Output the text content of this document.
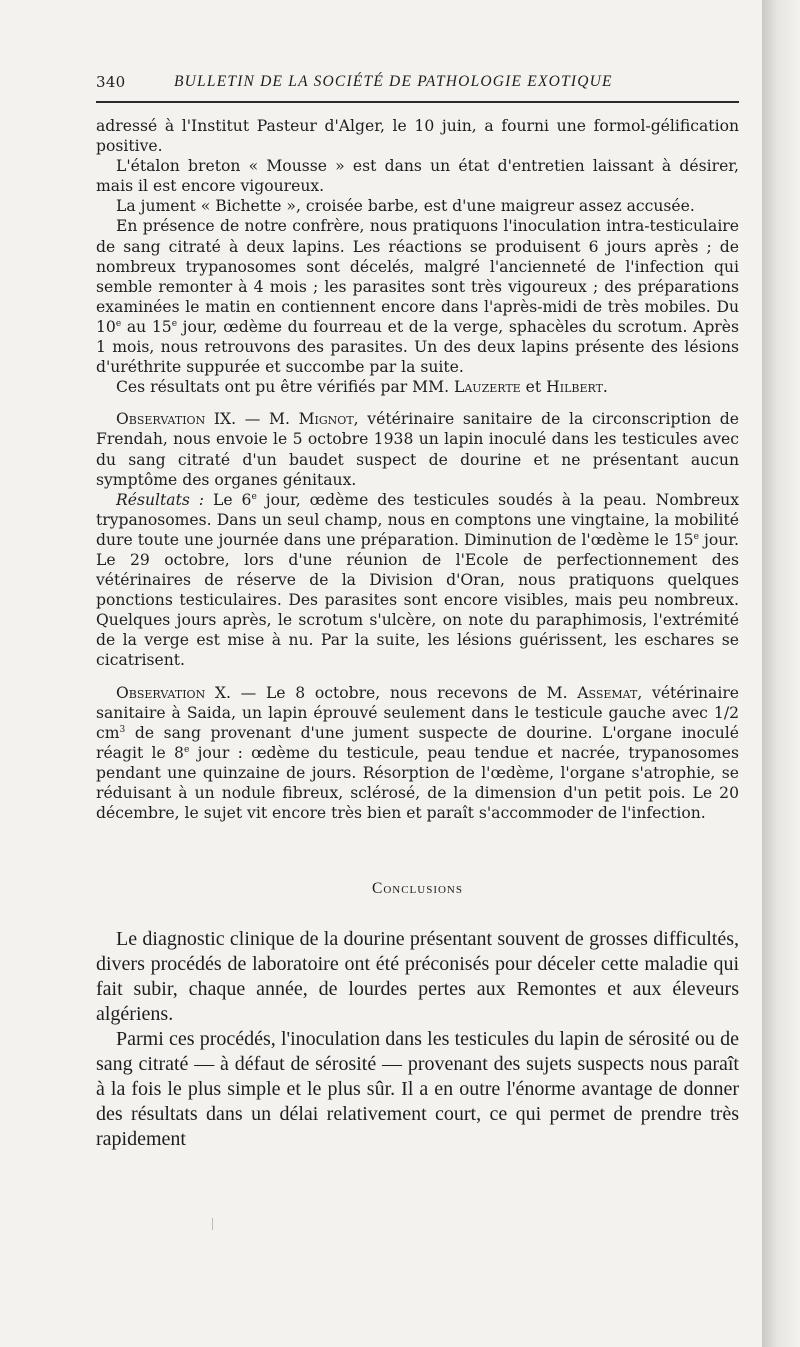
340	BULLETIN DE LA SOCIÉTÉ DE PATHOLOGIE EXOTIQUE

adressé à l'Institut Pasteur d'Alger, le 10 juin, a fourni une formol-gélification positive.

L'étalon breton « Mousse » est dans un état d'entretien laissant à désirer, mais il est encore vigoureux.

La jument « Bichette », croisée barbe, est d'une maigreur assez accusée.

En présence de notre confrère, nous pratiquons l'inoculation intra-testiculaire de sang citraté à deux lapins. Les réactions se produisent 6 jours après ; de nombreux trypanosomes sont décelés, malgré l'ancienneté de l'infection qui semble remonter à 4 mois ; les parasites sont très vigoureux ; des préparations examinées le matin en contiennent encore dans l'après-midi de très mobiles. Du 10e au 15e jour, œdème du fourreau et de la verge, sphacèles du scrotum. Après 1 mois, nous retrouvons des parasites. Un des deux lapins présente des lésions d'uréthrite suppurée et succombe par la suite.

Ces résultats ont pu être vérifiés par MM. Lauzerte et Hilbert.

Observation IX. — M. Mignot, vétérinaire sanitaire de la circonscription de Frendah, nous envoie le 5 octobre 1938 un lapin inoculé dans les testicules avec du sang citraté d'un baudet suspect de dourine et ne présentant aucun symptôme des organes génitaux.

Résultats : Le 6e jour, œdème des testicules soudés à la peau. Nombreux trypanosomes. Dans un seul champ, nous en comptons une vingtaine, la mobilité dure toute une journée dans une préparation. Diminution de l'œdème le 15e jour. Le 29 octobre, lors d'une réunion de l'Ecole de perfectionnement des vétérinaires de réserve de la Division d'Oran, nous pratiquons quelques ponctions testiculaires. Des parasites sont encore visibles, mais peu nombreux. Quelques jours après, le scrotum s'ulcère, on note du paraphimosis, l'extrémité de la verge est mise à nu. Par la suite, les lésions guérissent, les eschares se cicatrisent.

Observation X. — Le 8 octobre, nous recevons de M. Assemat, vétérinaire sanitaire à Saida, un lapin éprouvé seulement dans le testicule gauche avec 1/2 $cm^3$ de sang provenant d'une jument suspecte de dourine. L'organe inoculé réagit le 8e jour : œdème du testicule, peau tendue et nacrée, trypanosomes pendant une quinzaine de jours. Résorption de l'œdème, l'organe s'atrophie, se réduisant à un nodule fibreux, sclérosé, de la dimension d'un petit pois. Le 20 décembre, le sujet vit encore très bien et paraît s'accommoder de l'infection.

Conclusions

Le diagnostic clinique de la dourine présentant souvent de grosses difficultés, divers procédés de laboratoire ont été préconisés pour déceler cette maladie qui fait subir, chaque année, de lourdes pertes aux Remontes et aux éleveurs algériens.

Parmi ces procédés, l'inoculation dans les testicules du lapin de sérosité ou de sang citraté — à défaut de sérosité — provenant des sujets suspects nous paraît à la fois le plus simple et le plus sûr. Il a en outre l'énorme avantage de donner des résultats dans un délai relativement court, ce qui permet de prendre très rapidement
